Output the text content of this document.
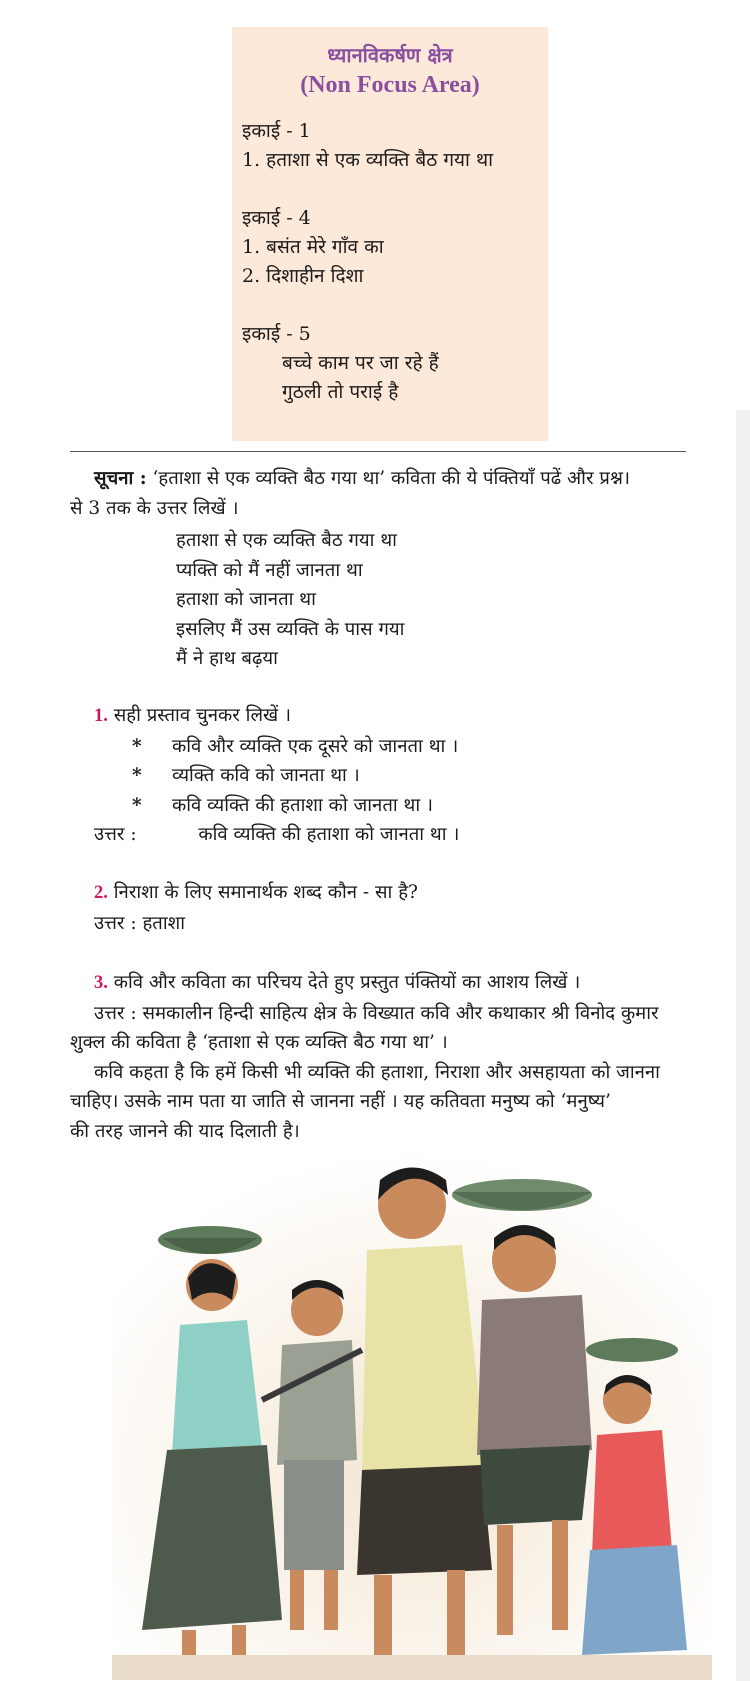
ध्यानविकर्षण क्षेत्र
(Non Focus Area)
इकाई - 1
1. हताशा से एक व्यक्ति बैठ गया था
इकाई - 4
1. बसंत मेरे गाँव का
2. दिशाहीन दिशा
इकाई - 5
बच्चे काम पर जा रहे हैं
गुठली तो पराई है
सूचना : ‘हताशा से एक व्यक्ति बैठ गया था’ कविता की ये पंक्तियाँ पढें और प्रश्न।
से 3 तक के उत्तर लिखें ।
हताशा से एक व्यक्ति बैठ गया था
प्यक्ति को मैं नहीं जानता था
हताशा को जानता था
इसलिए मैं उस व्यक्ति के पास गया
मैं ने हाथ बढ़या
1. सही प्रस्ताव चुनकर लिखें ।
* कवि और व्यक्ति एक दूसरे को जानता था ।
* व्यक्ति कवि को जानता था ।
* कवि व्यक्ति की हताशा को जानता था ।
उत्तर :	कवि व्यक्ति की हताशा को जानता था ।
2. निराशा के लिए समानार्थक शब्द कौन - सा है?
उत्तर : हताशा
3. कवि और कविता का परिचय देते हुए प्रस्तुत पंक्तियों का आशय लिखें ।
उत्तर : समकालीन हिन्दी साहित्य क्षेत्र के विख्यात कवि और कथाकार श्री विनोद कुमार
शुक्ल की कविता है ‘हताशा से एक व्यक्ति बैठ गया था’ ।
कवि कहता है कि हमें किसी भी व्यक्ति की हताशा, निराशा और असहायता को जानना
चाहिए। उसके नाम पता या जाति से जानना नहीं । यह कतिवता मनुष्य को ‘मनुष्य’
की तरह जानने की याद दिलाती है।
